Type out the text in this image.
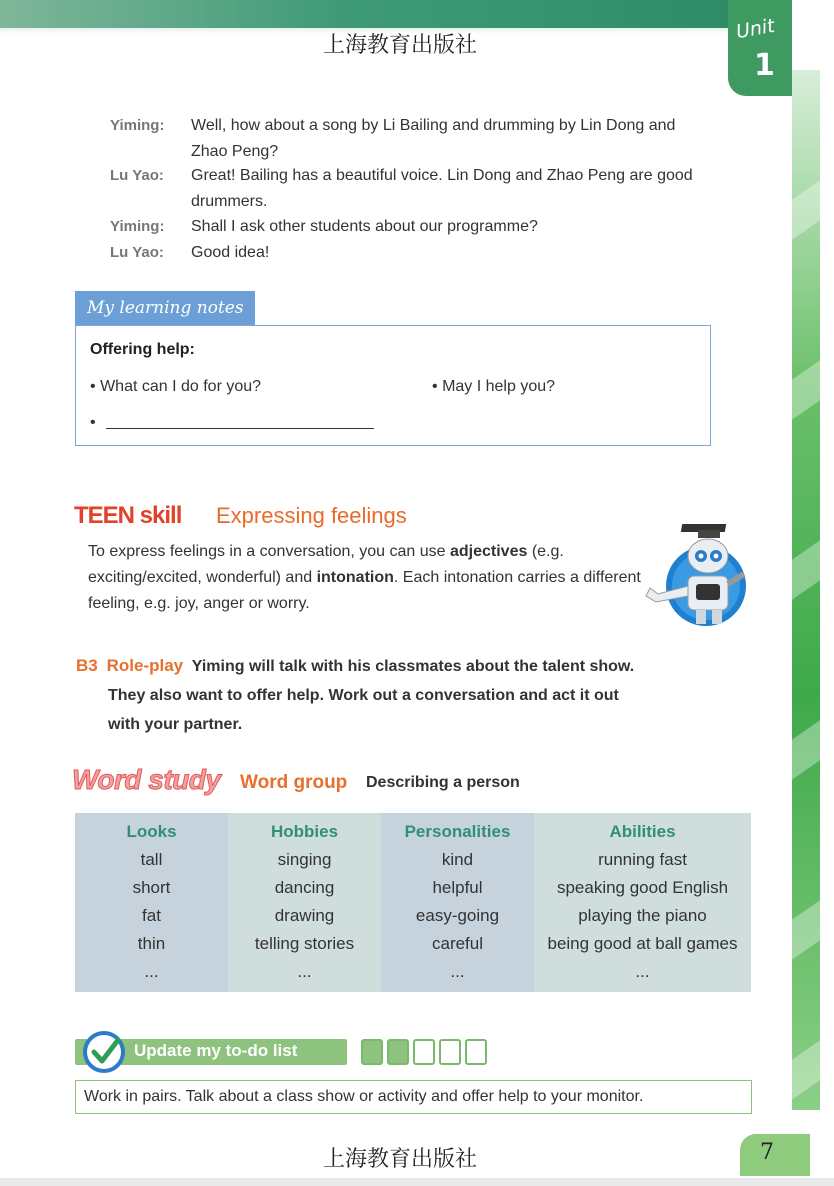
上海教育出版社
Unit
1
Yiming: Well, how about a song by Li Bailing and drumming by Lin Dong and Zhao Peng?
Lu Yao: Great! Bailing has a beautiful voice. Lin Dong and Zhao Peng are good drummers.
Yiming: Shall I ask other students about our programme?
Lu Yao: Good idea!
My learning notes
Offering help:
• What can I do for you?	• May I help you?
•
TEEN skill Expressing feelings
To express feelings in a conversation, you can use adjectives (e.g. exciting/excited, wonderful) and intonation. Each intonation carries a different feeling, e.g. joy, anger or worry.
B3 Role-play Yiming will talk with his classmates about the talent show.
They also want to offer help. Work out a conversation and act it out
with your partner.
Word study Word group Describing a person
Looks
tall
short
fat
thin
...
Hobbies
singing
dancing
drawing
telling stories
...
Personalities
kind
helpful
easy-going
careful
...
Abilities
running fast
speaking good English
playing the piano
being good at ball games
...
Update my to-do list
Work in pairs. Talk about a class show or activity and offer help to your monitor.
上海教育出版社	7
